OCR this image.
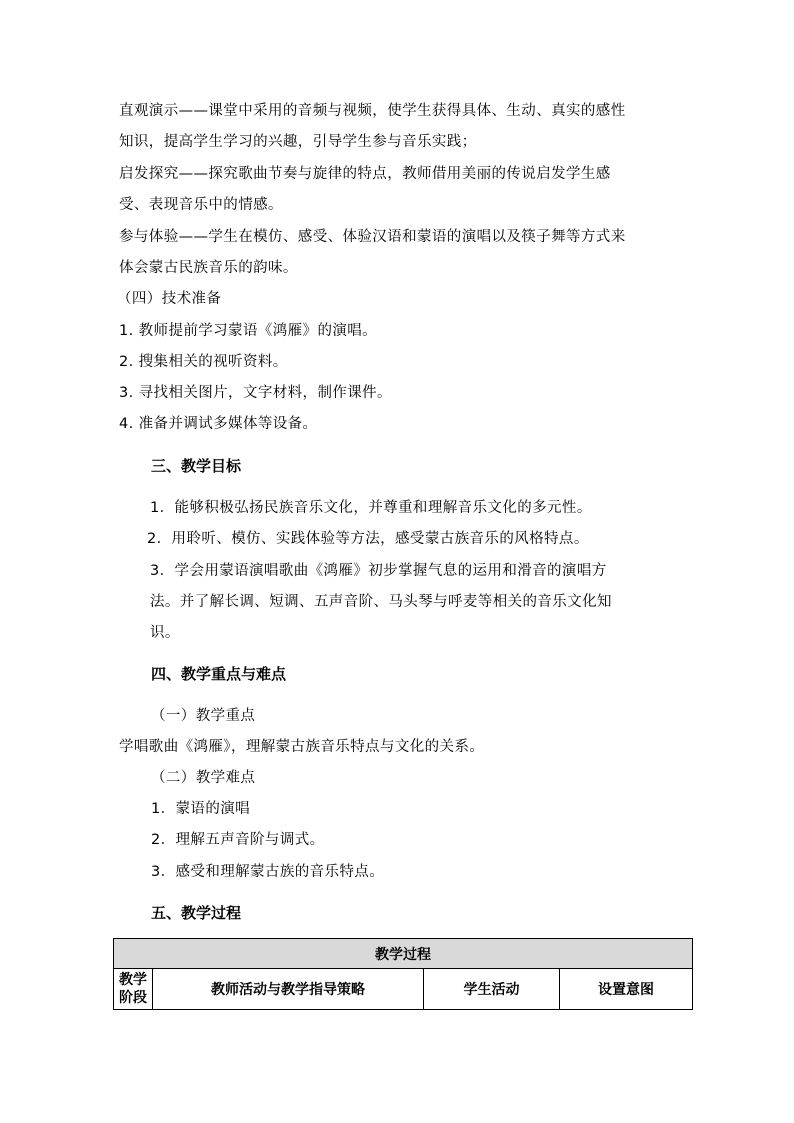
直观演示——课堂中采用的音频与视频，使学生获得具体、生动、真实的感性
知识，提高学生学习的兴趣，引导学生参与音乐实践；
启发探究——探究歌曲节奏与旋律的特点，教师借用美丽的传说启发学生感
受、表现音乐中的情感。
参与体验——学生在模仿、感受、体验汉语和蒙语的演唱以及筷子舞等方式来
体会蒙古民族音乐的韵味。
（四）技术准备
1. 教师提前学习蒙语《鸿雁》的演唱。
2. 搜集相关的视听资料。
3. 寻找相关图片，文字材料，制作课件。
4. 准备并调试多媒体等设备。
三、教学目标
1．能够积极弘扬民族音乐文化，并尊重和理解音乐文化的多元性。
2．用聆听、模仿、实践体验等方法，感受蒙古族音乐的风格特点。
3．学会用蒙语演唱歌曲《鸿雁》初步掌握气息的运用和滑音的演唱方
法。并了解长调、短调、五声音阶、马头琴与呼麦等相关的音乐文化知
识。
四、教学重点与难点
（一）教学重点
学唱歌曲《鸿雁》，理解蒙古族音乐特点与文化的关系。
（二）教学难点
1．蒙语的演唱
2．理解五声音阶与调式。
3．感受和理解蒙古族的音乐特点。
五、教学过程
教学过程
教学
阶段	教师活动与教学指导策略	学生活动	设置意图
